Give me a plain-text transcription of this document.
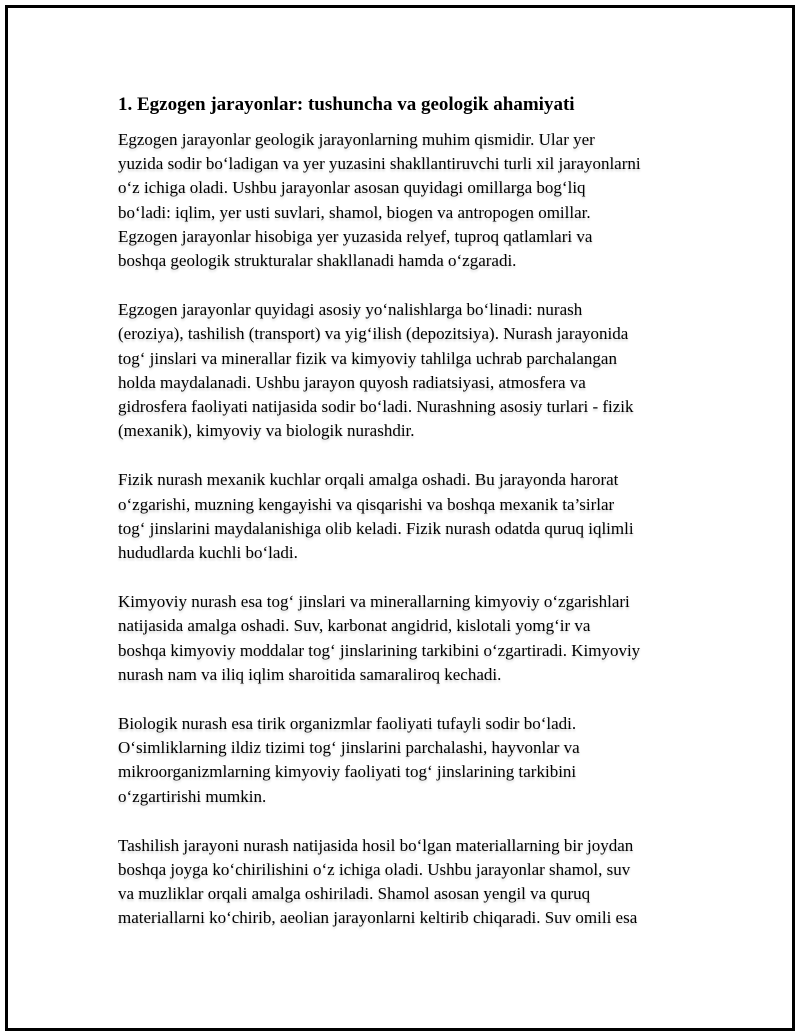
1. Egzogen jarayonlar: tushuncha va geologik ahamiyati
Egzogen jarayonlar geologik jarayonlarning muhim qismidir. Ular yer
yuzida sodir bo‘ladigan va yer yuzasini shakllantiruvchi turli xil jarayonlarni
o‘z ichiga oladi. Ushbu jarayonlar asosan quyidagi omillarga bog‘liq
bo‘ladi: iqlim, yer usti suvlari, shamol, biogen va antropogen omillar.
Egzogen jarayonlar hisobiga yer yuzasida relyef, tuproq qatlamlari va
boshqa geologik strukturalar shakllanadi hamda o‘zgaradi.
Egzogen jarayonlar quyidagi asosiy yo‘nalishlarga bo‘linadi: nurash
(eroziya), tashilish (transport) va yig‘ilish (depozitsiya). Nurash jarayonida
tog‘ jinslari va minerallar fizik va kimyoviy tahlilga uchrab parchalangan
holda maydalanadi. Ushbu jarayon quyosh radiatsiyasi, atmosfera va
gidrosfera faoliyati natijasida sodir bo‘ladi. Nurashning asosiy turlari - fizik
(mexanik), kimyoviy va biologik nurashdir.
Fizik nurash mexanik kuchlar orqali amalga oshadi. Bu jarayonda harorat
o‘zgarishi, muzning kengayishi va qisqarishi va boshqa mexanik ta’sirlar
tog‘ jinslarini maydalanishiga olib keladi. Fizik nurash odatda quruq iqlimli
hududlarda kuchli bo‘ladi.
Kimyoviy nurash esa tog‘ jinslari va minerallarning kimyoviy o‘zgarishlari
natijasida amalga oshadi. Suv, karbonat angidrid, kislotali yomg‘ir va
boshqa kimyoviy moddalar tog‘ jinslarining tarkibini o‘zgartiradi. Kimyoviy
nurash nam va iliq iqlim sharoitida samaraliroq kechadi.
Biologik nurash esa tirik organizmlar faoliyati tufayli sodir bo‘ladi.
O‘simliklarning ildiz tizimi tog‘ jinslarini parchalashi, hayvonlar va
mikroorganizmlarning kimyoviy faoliyati tog‘ jinslarining tarkibini
o‘zgartirishi mumkin.
Tashilish jarayoni nurash natijasida hosil bo‘lgan materiallarning bir joydan
boshqa joyga ko‘chirilishini o‘z ichiga oladi. Ushbu jarayonlar shamol, suv
va muzliklar orqali amalga oshiriladi. Shamol asosan yengil va quruq
materiallarni ko‘chirib, aeolian jarayonlarni keltirib chiqaradi. Suv omili esa
